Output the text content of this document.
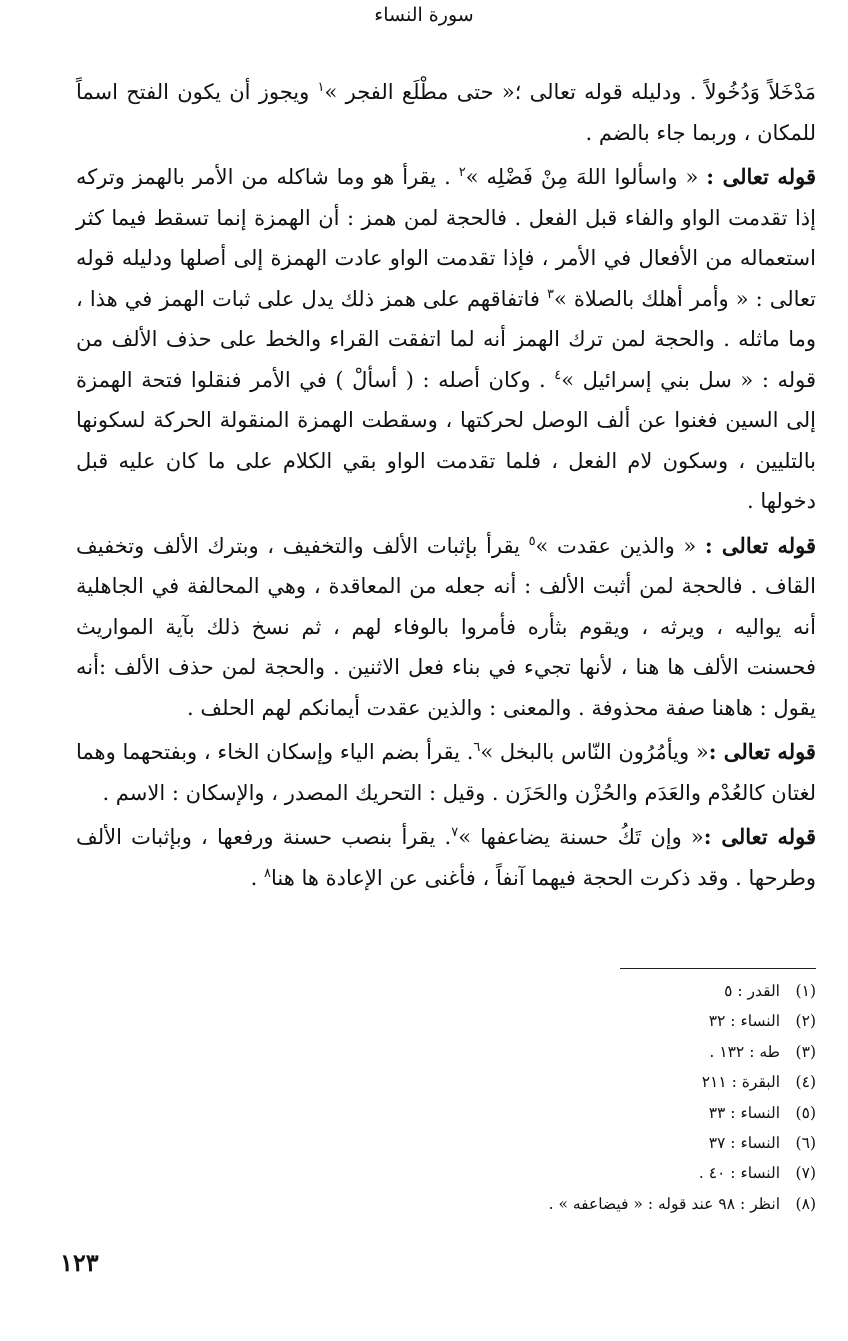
سورة النساء

مَدْخَلاً وَدُخُولاً . ودليله قوله تعالى ؛« حتى مطْلَع الفجر »$^١$ ويجوز أن يكون الفتح اسماً للمكان ، وربما جاء بالضم .

قوله تعالى : « واسألوا اللهَ مِنْ فَضْلِه »$^٢$ . يقرأ هو وما شاكله من الأمر بالهمز وتركه إذا تقدمت الواو والفاء قبل الفعل . فالحجة لمن همز : أن الهمزة إنما تسقط فيما كثر استعماله من الأفعال في الأمر ، فإذا تقدمت الواو عادت الهمزة إلى أصلها ودليله قوله تعالى : « وأمر أهلك بالصلاة »$^٣$ فاتفاقهم على همز ذلك يدل على ثبات الهمز في هذا ، وما ماثله . والحجة لمن ترك الهمز أنه لما اتفقت القراء والخط على حذف الألف من قوله : « سل بني إسرائيل »$^٤$ . وكان أصله : ( أسألْ ) في الأمر فنقلوا فتحة الهمزة إلى السين فغنوا عن ألف الوصل لحركتها ، وسقطت الهمزة المنقولة الحركة لسكونها بالتليين ، وسكون لام الفعل ، فلما تقدمت الواو بقي الكلام على ما كان عليه قبل دخولها .

قوله تعالى : « والذين عقدت »$^٥$ يقرأ بإثبات الألف والتخفيف ، وبترك الألف وتخفيف القاف . فالحجة لمن أثبت الألف : أنه جعله من المعاقدة ، وهي المحالفة في الجاهلية أنه يواليه ، ويرثه ، ويقوم بثأره فأمروا بالوفاء لهم ، ثم نسخ ذلك بآية المواريث فحسنت الألف ها هنا ، لأنها تجيء في بناء فعل الاثنين . والحجة لمن حذف الألف :أنه يقول : هاهنا صفة محذوفة . والمعنى : والذين عقدت أيمانكم لهم الحلف .

قوله تعالى :« ويأمُرُون النّاس بالبخل »$^٦$. يقرأ بضم الياء وإسكان الخاء ، وبفتحهما وهما لغتان كالعُدْم والعَدَم والحُزْن والحَزَن . وقيل : التحريك المصدر ، والإسكان : الاسم .

قوله تعالى :« وإن تَكُ حسنة يضاعفها »$^٧$. يقرأ بنصب حسنة ورفعها ، وبإثبات الألف وطرحها . وقد ذكرت الحجة فيهما آنفاً ، فأغنى عن الإعادة ها هنا$^٨$ .

(١)القدر : ٥
(٢)النساء : ٣٢
(٣)طه : ١٣٢ .
(٤)البقرة : ٢١١
(٥)النساء : ٣٣
(٦)النساء : ٣٧
(٧)النساء : ٤٠ .
(٨)انظر : ٩٨ عند قوله : « فيضاعفه » .
١٢٣
